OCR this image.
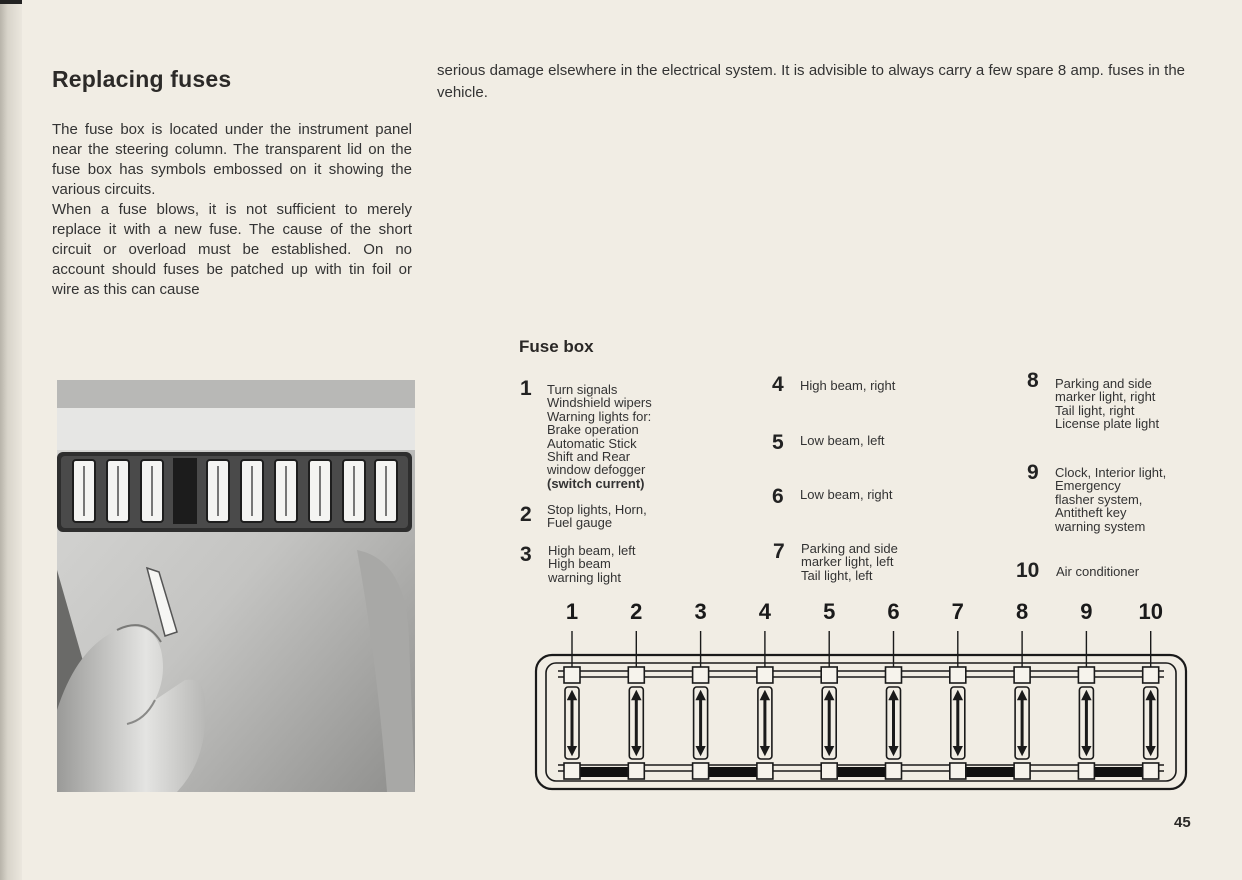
Replacing fuses

The fuse box is located under the instrument panel near the steering column. The transparent lid on the fuse box has symbols embossed on it showing the various circuits.

When a fuse blows, it is not sufficient to merely replace it with a new fuse. The cause of the short circuit or overload must be established. On no account should fuses be patched up with tin foil or wire as this can cause

serious damage elsewhere in the electrical system. It is advisible to always carry a few spare 8 amp. fuses in the vehicle.

Fuse box
1 Turn signals
Windshield wipers
Warning lights for:
Brake operation
Automatic Stick
Shift and Rear
window defogger
(switch current)
2 Stop lights, Horn,
Fuel gauge
3 High beam, left
High beam
warning light
4 High beam, right
5 Low beam, left
6 Low beam, right
7 Parking and side
marker light, left
Tail light, left
8 Parking and side
marker light, right
Tail light, right
License plate light
9 Clock, Interior light,
Emergency
flasher system,
Antitheft key
warning system
10 Air conditioner
1 2 3 4 5 6 7 8 9 10
45
